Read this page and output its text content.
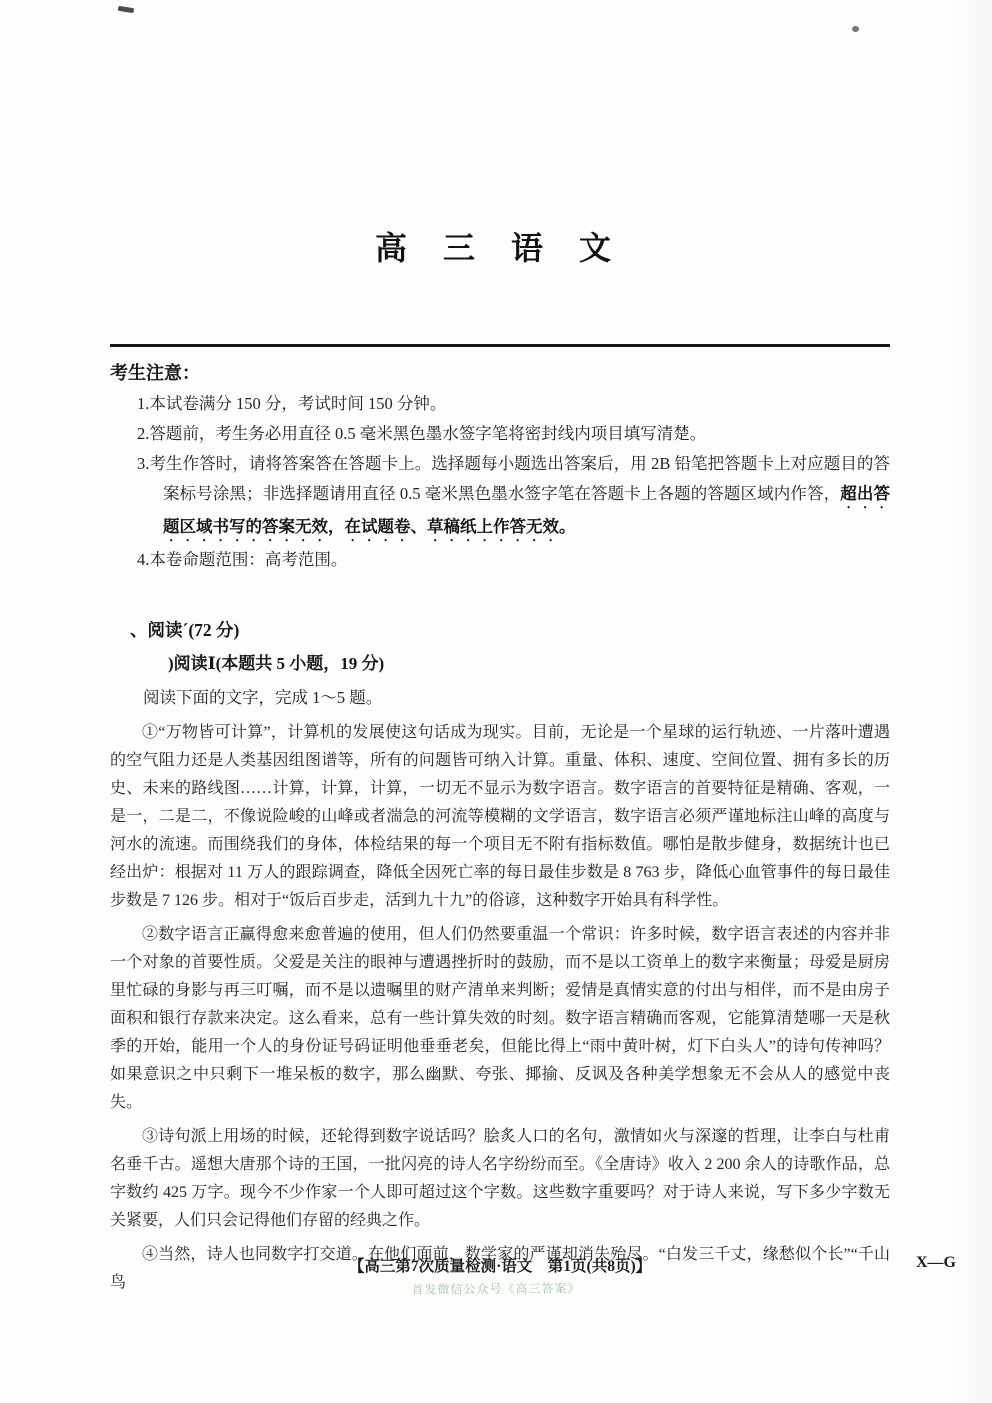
高 三 语 文
考生注意：
1.本试卷满分 150 分，考试时间 150 分钟。
2.答题前，考生务必用直径 0.5 毫米黑色墨水签字笔将密封线内项目填写清楚。
3.考生作答时，请将答案答在答题卡上。选择题每小题选出答案后，用 2B 铅笔把答题卡上对应题目的答案标号涂黑；非选择题请用直径 0.5 毫米黑色墨水签字笔在答题卡上各题的答题区域内作答，超出答题区域书写的答案无效，在试题卷、草稿纸上作答无效。
4.本卷命题范围：高考范围。
、阅读´(72 分)
)阅读Ⅰ(本题共 5 小题，19 分)
阅读下面的文字，完成 1～5 题。

①“万物皆可计算”，计算机的发展使这句话成为现实。目前，无论是一个星球的运行轨迹、一片落叶遭遇的空气阻力还是人类基因组图谱等，所有的问题皆可纳入计算。重量、体积、速度、空间位置、拥有多长的历史、未来的路线图……计算，计算，计算，一切无不显示为数字语言。数字语言的首要特征是精确、客观，一是一，二是二，不像说险峻的山峰或者湍急的河流等模糊的文学语言，数字语言必须严谨地标注山峰的高度与河水的流速。而围绕我们的身体，体检结果的每一个项目无不附有指标数值。哪怕是散步健身，数据统计也已经出炉：根据对 11 万人的跟踪调查，降低全因死亡率的每日最佳步数是 8 763 步，降低心血管事件的每日最佳步数是 7 126 步。相对于“饭后百步走，活到九十九”的俗谚，这种数字开始具有科学性。

②数字语言正赢得愈来愈普遍的使用，但人们仍然要重温一个常识：许多时候，数字语言表述的内容并非一个对象的首要性质。父爱是关注的眼神与遭遇挫折时的鼓励，而不是以工资单上的数字来衡量；母爱是厨房里忙碌的身影与再三叮嘱，而不是以遗嘱里的财产清单来判断；爱情是真情实意的付出与相伴，而不是由房子面积和银行存款来决定。这么看来，总有一些计算失效的时刻。数字语言精确而客观，它能算清楚哪一天是秋季的开始，能用一个人的身份证号码证明他垂垂老矣，但能比得上“雨中黄叶树，灯下白头人”的诗句传神吗？如果意识之中只剩下一堆呆板的数字，那么幽默、夸张、揶揄、反讽及各种美学想象无不会从人的感觉中丧失。

③诗句派上用场的时候，还轮得到数字说话吗？脍炙人口的名句，激情如火与深邃的哲理，让李白与杜甫名垂千古。遥想大唐那个诗的王国，一批闪亮的诗人名字纷纷而至。《全唐诗》收入 2 200 余人的诗歌作品，总字数约 425 万字。现今不少作家一个人即可超过这个字数。这些数字重要吗？对于诗人来说，写下多少字数无关紧要，人们只会记得他们存留的经典之作。

④当然，诗人也同数字打交道。在他们面前，数学家的严谨却消失殆尽。“白发三千丈，缘愁似个长”“千山鸟

【高三第7次质量检测·语文　第1页(共8页)】	X—G
首发微信公众号《高三答案》
